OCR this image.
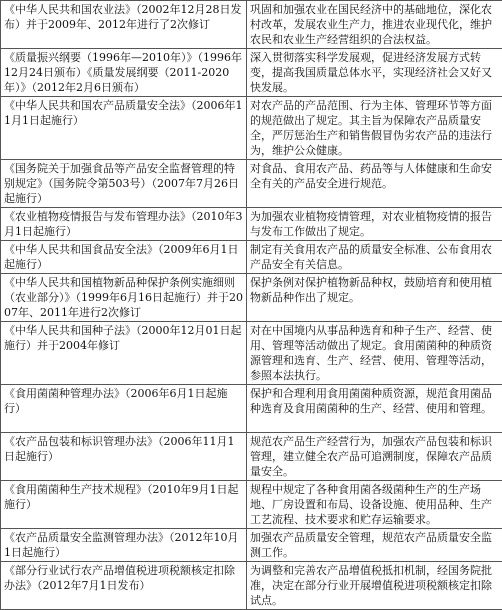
《中华人民共和国农业法》（2002年12月28日发布）并于2009年、2012年进行了2次修订	巩固和加强农业在国民经济中的基础地位，深化农村改革，发展农业生产力，推进农业现代化，维护农民和农业生产经营组织的合法权益。

《质量振兴纲要（1996年—2010年）》（1996年12月24日颁布）《质量发展纲要（2011-2020年）》（2012年2月6日颁布）	深入贯彻落实科学发展观，促进经济发展方式转变，提高我国质量总体水平，实现经济社会又好又快发展。

《中华人民共和国农产品质量安全法》（2006年11月1日起施行）	对农产品的产品范围、行为主体、管理环节等方面的规范做出了规定。其主旨为保障农产品质量安全，严厉惩治生产和销售假冒伪劣农产品的违法行为，维护公众健康。

《国务院关于加强食品等产品安全监督管理的特别规定》（国务院令第503号）（2007年7月26日起施行）	对食品、食用农产品、药品等与人体健康和生命安全有关的产品安全进行规范。

《农业植物疫情报告与发布管理办法》（2010年3月1日起施行）	为加强农业植物疫情管理，对农业植物疫情的报告与发布工作做出了规定。

《中华人民共和国食品安全法》（2009年6月1日起施行）	制定有关食用农产品的质量安全标准、公布食用农产品安全有关信息。

《中华人民共和国植物新品种保护条例实施细则（农业部分）》（1999年6月16日起施行）并于2007年、2011年进行2次修订	保护条例对保护植物新品种权，鼓励培育和使用植物新品种作出了规定。

《中华人民共和国种子法》（2000年12月01日起施行）并于2004年修订	对在中国境内从事品种选育和种子生产、经营、使用、管理等活动做出了规定。食用菌菌种的种质资源管理和选育、生产、经营、使用、管理等活动，参照本法执行。

《食用菌菌种管理办法》（2006年6月1日起施行）	保护和合理利用食用菌菌种质资源，规范食用菌品种选育及食用菌菌种的生产、经营、使用和管理。

《农产品包装和标识管理办法》（2006年11月1日起施行）	规范农产品生产经营行为，加强农产品包装和标识管理，建立健全农产品可追溯制度，保障农产品质量安全。

《食用菌菌种生产技术规程》（2010年9月1日起施行）	规程中规定了各种食用菌各级菌种生产的生产场地、厂房设置和布局、设备设施、使用品种、生产工艺流程、技术要求和贮存运输要求。

《农产品质量安全监测管理办法》（2012年10月1日起施行）	加强农产品质量安全管理，规范农产品质量安全监测工作。

《部分行业试行农产品增值税进项税额核定扣除办法》（2012年7月1日发布）	为调整和完善农产品增值税抵扣机制，经国务院批准，决定在部分行业开展增值税进项税额核定扣除试点。
